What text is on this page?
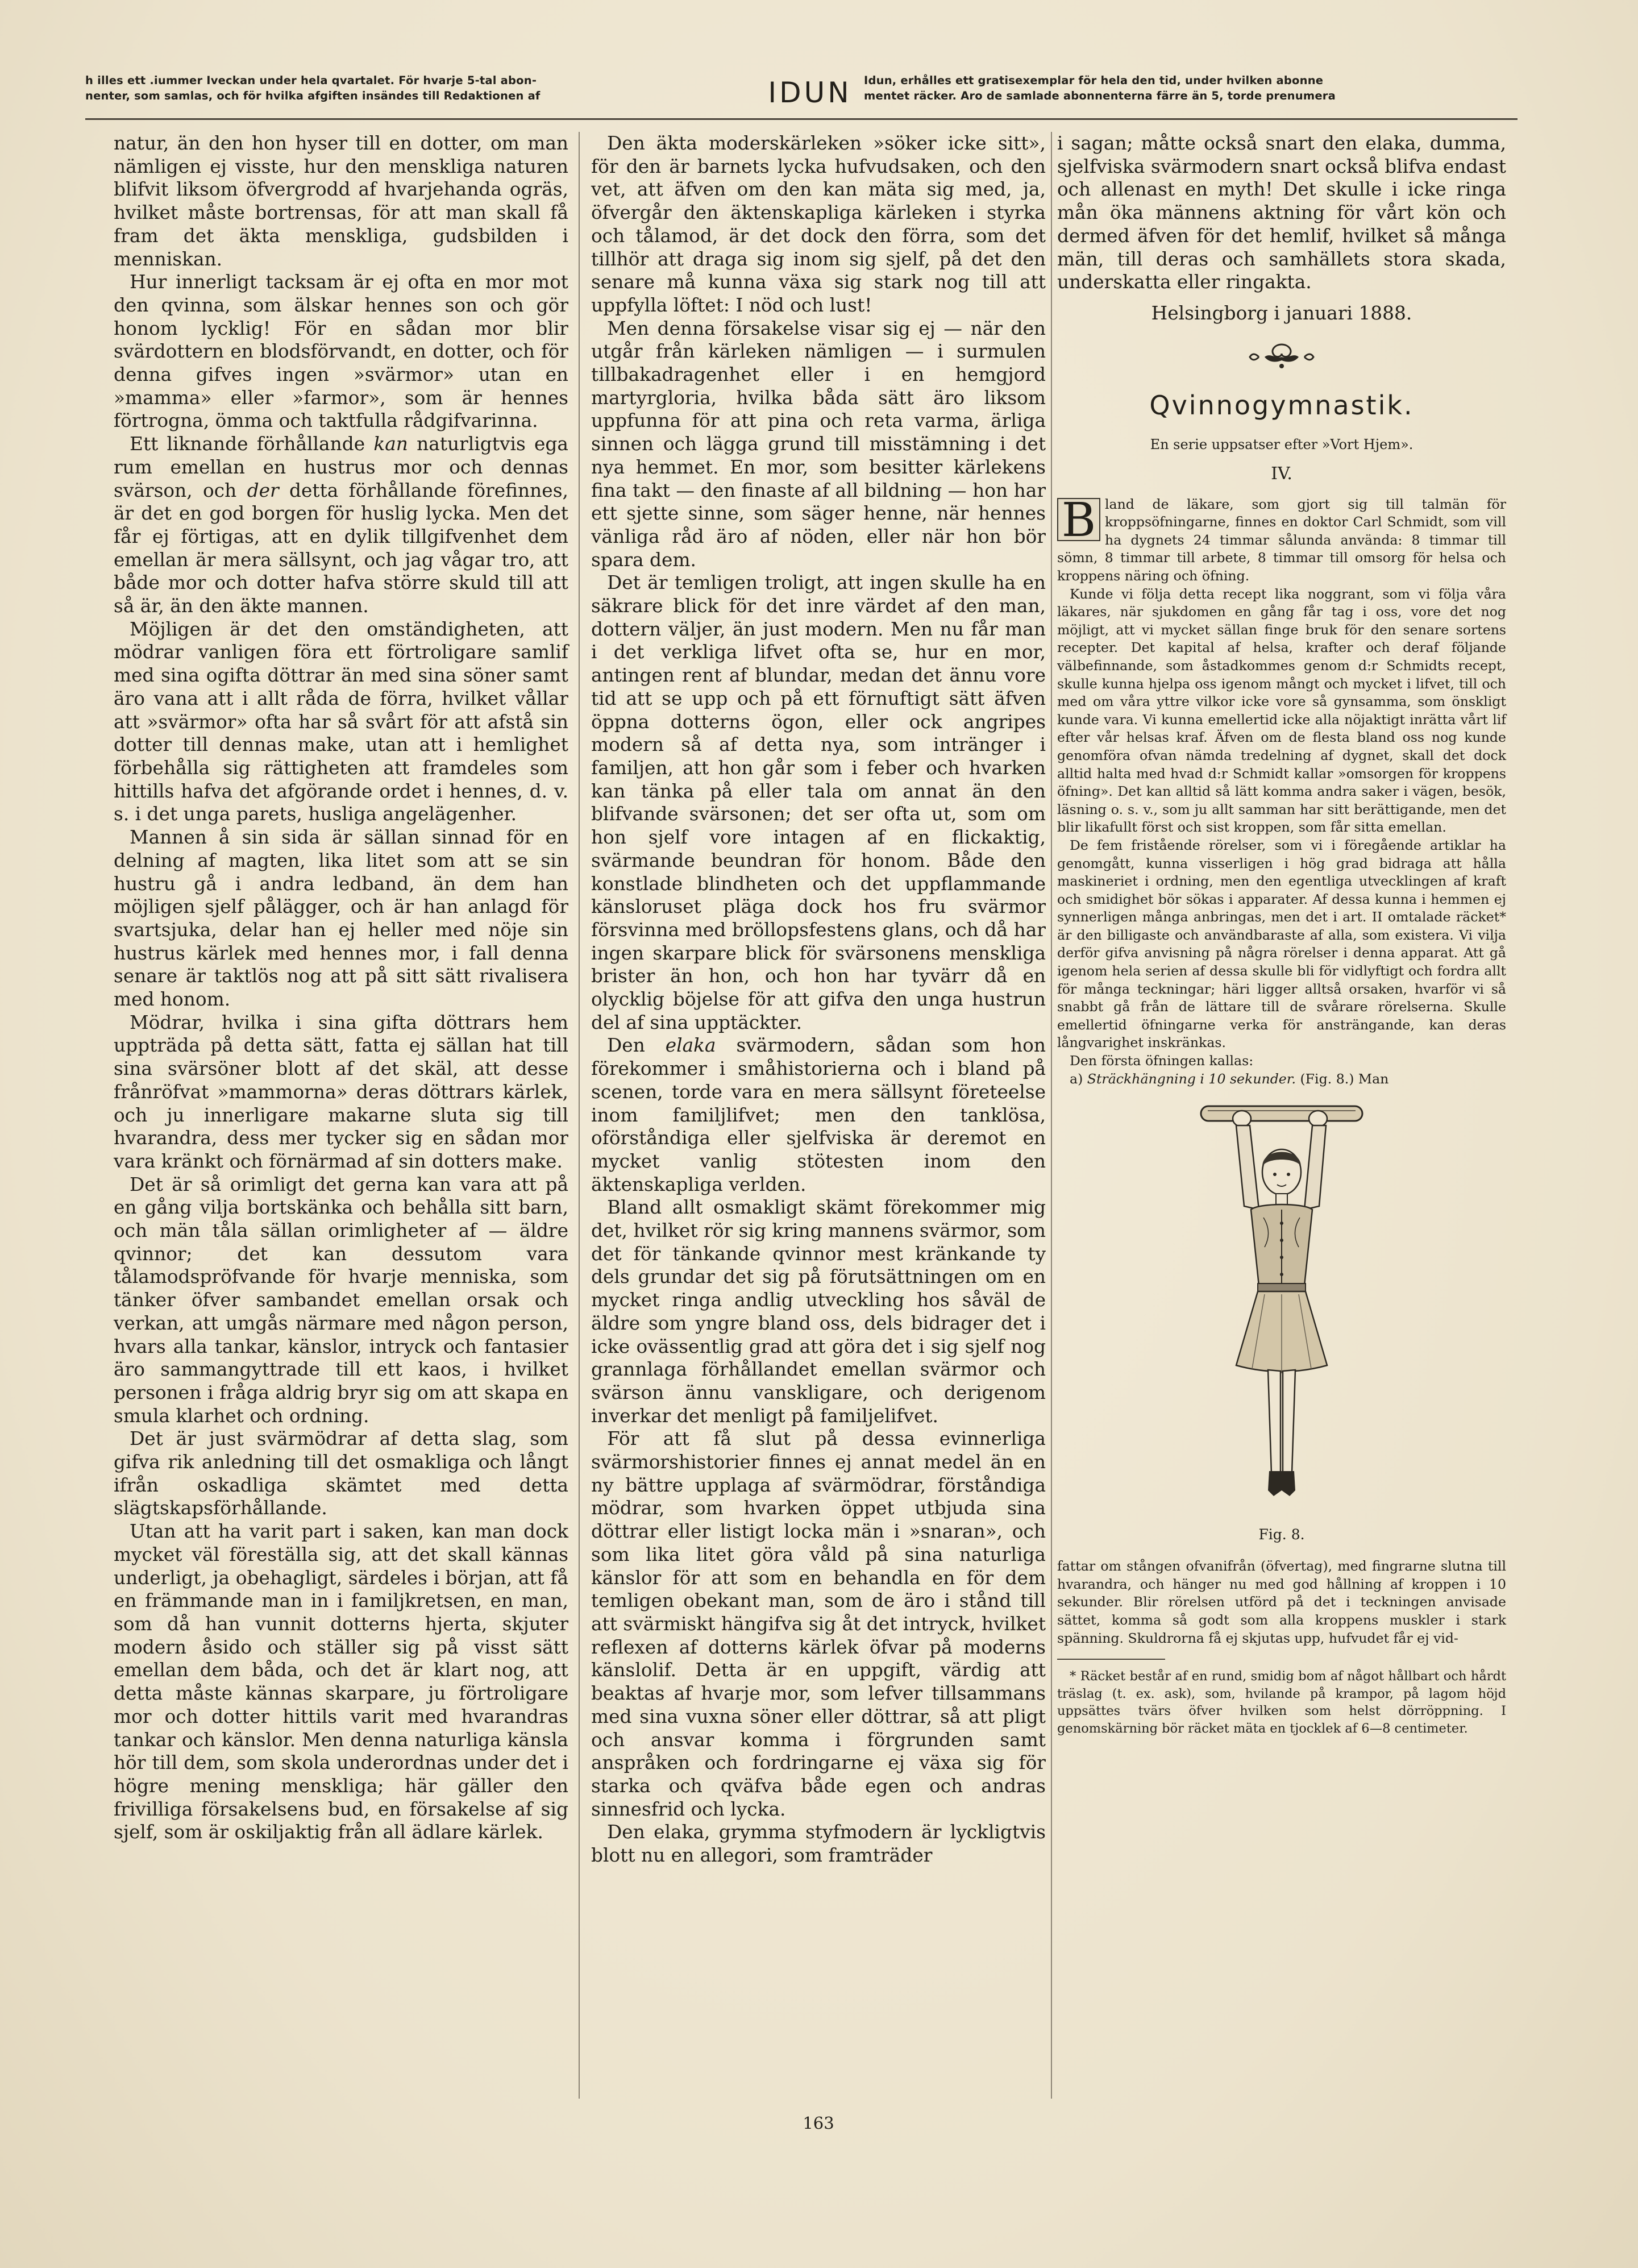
h illes ett .iummer Iveckan under hela qvartalet. För hvarje 5-tal abon-
nenter, som samlas, och för hvilka afgiften insändes till Redaktionen af	IDUN	Idun, erhålles ett gratisexemplar för hela den tid, under hvilken abonne
mentet räcker. Aro de samlade abonnenterna färre än 5, torde prenumera

natur, än den hon hyser till en dotter, om man nämligen ej visste, hur den menskliga naturen blifvit liksom öfvergrodd af hvarjehanda ogräs, hvilket måste bortrensas, för att man skall få fram det äkta menskliga, gudsbilden i menniskan.

Hur innerligt tacksam är ej ofta en mor mot den qvinna, som älskar hennes son och gör honom lycklig! För en sådan mor blir svärdottern en blodsförvandt, en dotter, och för denna gifves ingen »svärmor» utan en »mamma» eller »farmor», som är hennes förtrogna, ömma och taktfulla rådgifvarinna.

Ett liknande förhållande kan naturligtvis ega rum emellan en hustrus mor och dennas svärson, och der detta förhållande förefinnes, är det en god borgen för huslig lycka. Men det får ej förtigas, att en dylik tillgifvenhet dem emellan är mera sällsynt, och jag vågar tro, att både mor och dotter hafva större skuld till att så är, än den äkte mannen.

Möjligen är det den omständigheten, att mödrar vanligen föra ett förtroligare samlif med sina ogifta döttrar än med sina söner samt äro vana att i allt råda de förra, hvilket vållar att »svärmor» ofta har så svårt för att afstå sin dotter till dennas make, utan att i hemlighet förbehålla sig rättigheten att framdeles som hittills hafva det afgörande ordet i hennes, d. v. s. i det unga parets, husliga angelägenher.

Mannen å sin sida är sällan sinnad för en delning af magten, lika litet som att se sin hustru gå i andra ledband, än dem han möjligen sjelf pålägger, och är han anlagd för svartsjuka, delar han ej heller med nöje sin hustrus kärlek med hennes mor, i fall denna senare är taktlös nog att på sitt sätt rivalisera med honom.

Mödrar, hvilka i sina gifta döttrars hem uppträda på detta sätt, fatta ej sällan hat till sina svärsöner blott af det skäl, att desse frånröfvat »mammorna» deras döttrars kärlek, och ju innerligare makarne sluta sig till hvarandra, dess mer tycker sig en sådan mor vara kränkt och förnärmad af sin dotters make.

Det är så orimligt det gerna kan vara att på en gång vilja bortskänka och behålla sitt barn, och män tåla sällan orimligheter af — äldre qvinnor; det kan dessutom vara tålamodspröfvande för hvarje menniska, som tänker öfver sambandet emellan orsak och verkan, att umgås närmare med någon person, hvars alla tankar, känslor, intryck och fantasier äro sammangyttrade till ett kaos, i hvilket personen i fråga aldrig bryr sig om att skapa en smula klarhet och ordning.

Det är just svärmödrar af detta slag, som gifva rik anledning till det osmakliga och långt ifrån oskadliga skämtet med detta slägtskapsförhållande.

Utan att ha varit part i saken, kan man dock mycket väl föreställa sig, att det skall kännas underligt, ja obehagligt, särdeles i början, att få en främmande man in i familjkretsen, en man, som då han vunnit dotterns hjerta, skjuter modern åsido och ställer sig på visst sätt emellan dem båda, och det är klart nog, att detta måste kännas skarpare, ju förtroligare mor och dotter hittils varit med hvarandras tankar och känslor. Men denna naturliga känsla hör till dem, som skola underordnas under det i högre mening menskliga; här gäller den frivilliga försakelsens bud, en försakelse af sig sjelf, som är oskiljaktig från all ädlare kärlek.

Den äkta moderskärleken »söker icke sitt», för den är barnets lycka hufvudsaken, och den vet, att äfven om den kan mäta sig med, ja, öfvergår den äktenskapliga kärleken i styrka och tålamod, är det dock den förra, som det tillhör att draga sig inom sig sjelf, på det den senare må kunna växa sig stark nog till att uppfylla löftet: I nöd och lust!

Men denna försakelse visar sig ej — när den utgår från kärleken nämligen — i surmulen tillbakadragenhet eller i en hemgjord martyrgloria, hvilka båda sätt äro liksom uppfunna för att pina och reta varma, ärliga sinnen och lägga grund till misstämning i det nya hemmet. En mor, som besitter kärlekens fina takt — den finaste af all bildning — hon har ett sjette sinne, som säger henne, när hennes vänliga råd äro af nöden, eller när hon bör spara dem.

Det är temligen troligt, att ingen skulle ha en säkrare blick för det inre värdet af den man, dottern väljer, än just modern. Men nu får man i det verkliga lifvet ofta se, hur en mor, antingen rent af blundar, medan det ännu vore tid att se upp och på ett förnuftigt sätt äfven öppna dotterns ögon, eller ock angripes modern så af detta nya, som intränger i familjen, att hon går som i feber och hvarken kan tänka på eller tala om annat än den blifvande svärsonen; det ser ofta ut, som om hon sjelf vore intagen af en flickaktig, svärmande beundran för honom. Både den konstlade blindheten och det uppflammande känsloruset pläga dock hos fru svärmor försvinna med bröllopsfestens glans, och då har ingen skarpare blick för svärsonens menskliga brister än hon, och hon har tyvärr då en olycklig böjelse för att gifva den unga hustrun del af sina upptäckter.

Den elaka svärmodern, sådan som hon förekommer i småhistorierna och i bland på scenen, torde vara en mera sällsynt företeelse inom familjlifvet; men den tanklösa, oförståndiga eller sjelfviska är deremot en mycket vanlig stötesten inom den äktenskapliga verlden.

Bland allt osmakligt skämt förekommer mig det, hvilket rör sig kring mannens svärmor, som det för tänkande qvinnor mest kränkande ty dels grundar det sig på förutsättningen om en mycket ringa andlig utveckling hos såväl de äldre som yngre bland oss, dels bidrager det i icke ovässentlig grad att göra det i sig sjelf nog grannlaga förhållandet emellan svärmor och svärson ännu vanskligare, och derigenom inverkar det menligt på familjelifvet.

För att få slut på dessa evinnerliga svärmorshistorier finnes ej annat medel än en ny bättre upplaga af svärmödrar, förståndiga mödrar, som hvarken öppet utbjuda sina döttrar eller listigt locka män i »snaran», och som lika litet göra våld på sina naturliga känslor för att som en behandla en för dem temligen obekant man, som de äro i stånd till att svärmiskt hängifva sig åt det intryck, hvilket reflexen af dotterns kärlek öfvar på moderns känslolif. Detta är en uppgift, värdig att beaktas af hvarje mor, som lefver tillsammans med sina vuxna söner eller döttrar, så att pligt och ansvar komma i förgrunden samt anspråken och fordringarne ej växa sig för starka och qväfva både egen och andras sinnesfrid och lycka.

Den elaka, grymma styfmodern är lyckligtvis blott nu en allegori, som framträder

i sagan; måtte också snart den elaka, dumma, sjelfviska svärmodern snart också blifva endast och allenast en myth! Det skulle i icke ringa mån öka männens aktning för vårt kön och dermed äfven för det hemlif, hvilket så många män, till deras och samhällets stora skada, underskatta eller ringakta.

Helsingborg i januari 1888.

Qvinnogymnastik.
En serie uppsatser efter »Vort Hjem».
IV.

B land de läkare, som gjort sig till talmän för kroppsöfningarne, finnes en doktor Carl Schmidt, som vill ha dygnets 24 timmar sålunda använda: 8 timmar till sömn, 8 timmar till arbete, 8 timmar till omsorg för helsa och kroppens näring och öfning.

Kunde vi följa detta recept lika noggrant, som vi följa våra läkares, när sjukdomen en gång får tag i oss, vore det nog möjligt, att vi mycket sällan finge bruk för den senare sortens recepter. Det kapital af helsa, krafter och deraf följande välbefinnande, som åstadkommes genom d:r Schmidts recept, skulle kunna hjelpa oss igenom mångt och mycket i lifvet, till och med om våra yttre vilkor icke vore så gynsamma, som önskligt kunde vara. Vi kunna emellertid icke alla nöjaktigt inrätta vårt lif efter vår helsas kraf. Äfven om de flesta bland oss nog kunde genomföra ofvan nämda tredelning af dygnet, skall det dock alltid halta med hvad d:r Schmidt kallar »omsorgen för kroppens öfning». Det kan alltid så lätt komma andra saker i vägen, besök, läsning o. s. v., som ju allt samman har sitt berättigande, men det blir likafullt först och sist kroppen, som får sitta emellan.

De fem fristående rörelser, som vi i föregående artiklar ha genomgått, kunna visserligen i hög grad bidraga att hålla maskineriet i ordning, men den egentliga utvecklingen af kraft och smidighet bör sökas i apparater. Af dessa kunna i hemmen ej synnerligen många anbringas, men det i art. II omtalade räcket* är den billigaste och användbaraste af alla, som existera. Vi vilja derför gifva anvisning på några rörelser i denna apparat. Att gå igenom hela serien af dessa skulle bli för vidlyftigt och fordra allt för många teckningar; häri ligger alltså orsaken, hvarför vi så snabbt gå från de lättare till de svårare rörelserna. Skulle emellertid öfningarne verka för ansträngande, kan deras långvarighet inskränkas.

Den första öfningen kallas:

a) Sträckhängning i 10 sekunder. (Fig. 8.) Man

Fig. 8.

fattar om stången ofvanifrån (öfvertag), med fingrarne slutna till hvarandra, och hänger nu med god hållning af kroppen i 10 sekunder. Blir rörelsen utförd på det i teckningen anvisade sättet, komma så godt som alla kroppens muskler i stark spänning. Skuldrorna få ej skjutas upp, hufvudet får ej vid-

* Räcket består af en rund, smidig bom af något hållbart och hårdt träslag (t. ex. ask), som, hvilande på krampor, på lagom höjd uppsättes tvärs öfver hvilken som helst dörröppning. I genomskärning bör räcket mäta en tjocklek af 6—8 centimeter.

163
